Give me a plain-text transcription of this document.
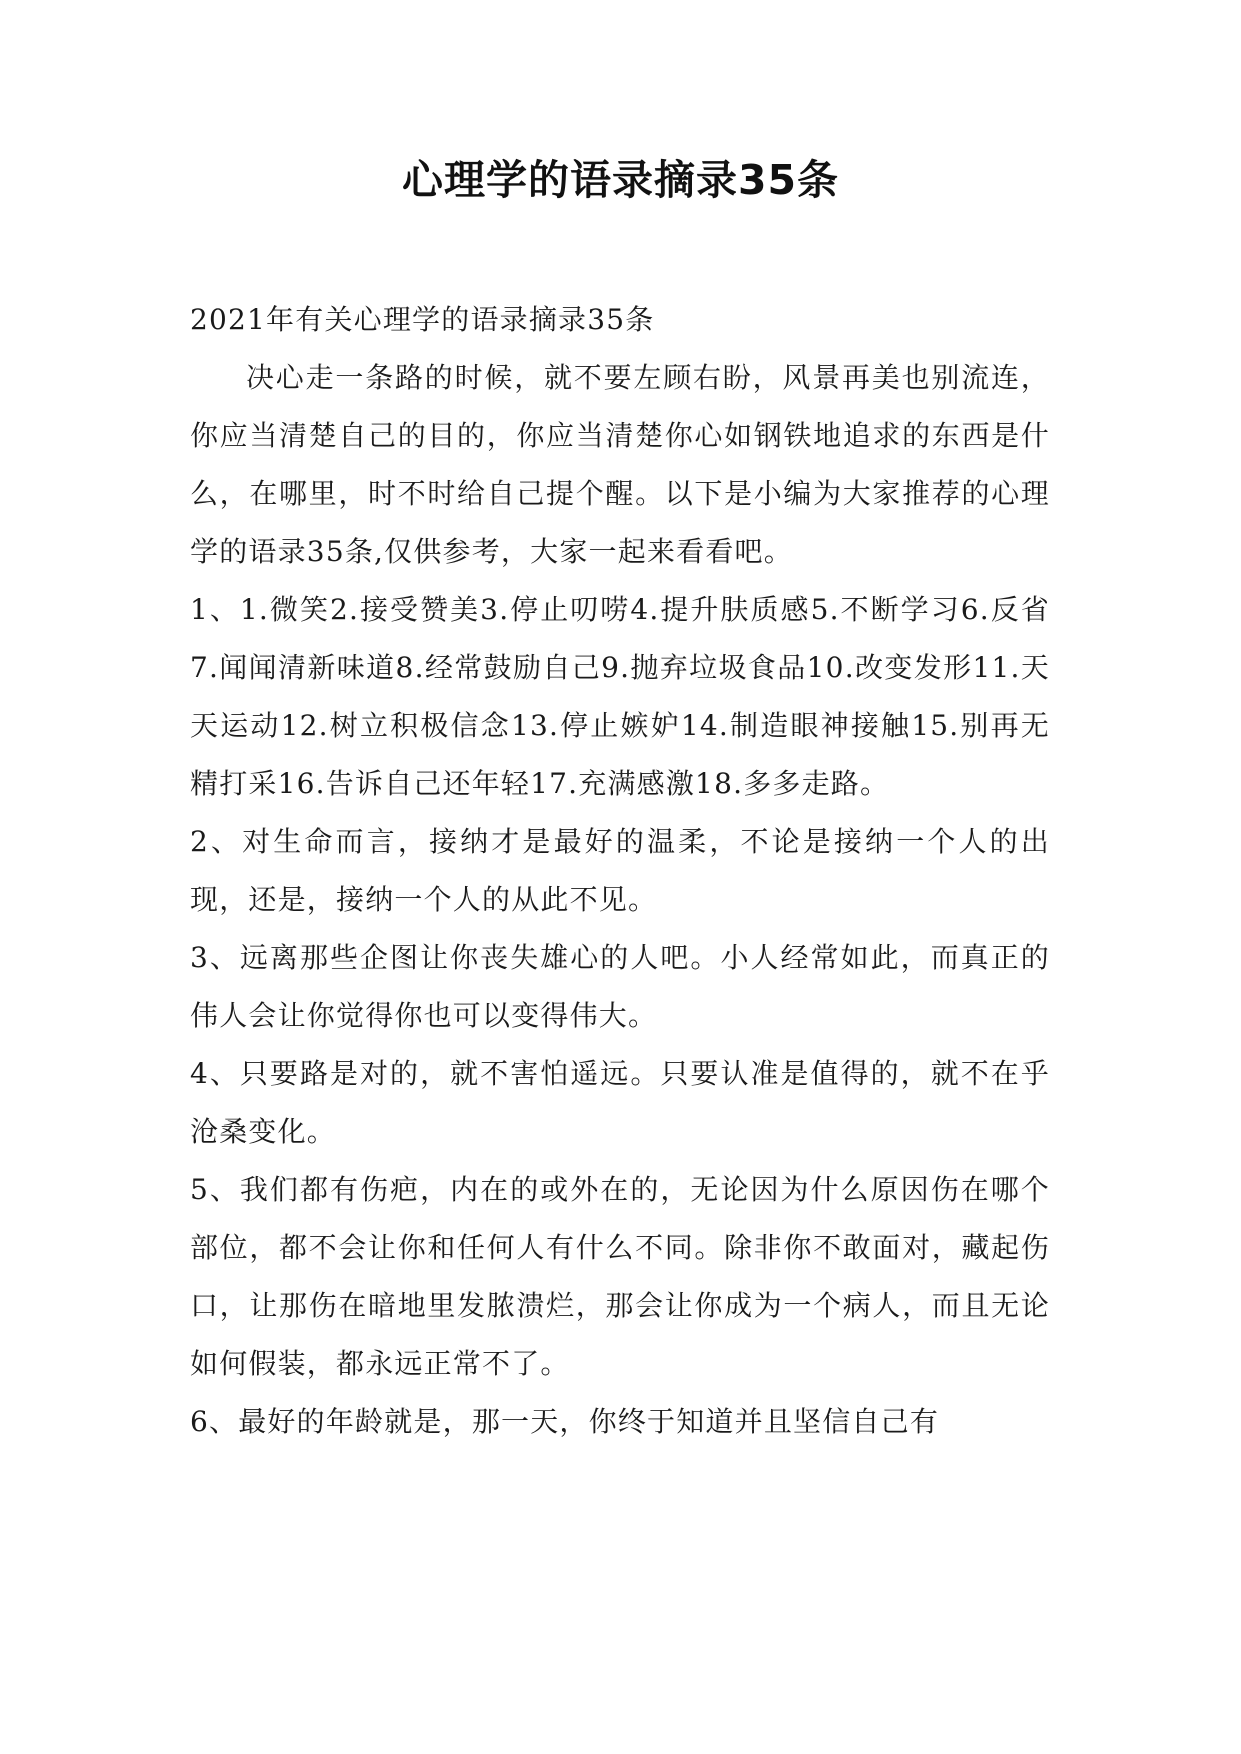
心理学的语录摘录35条

2021年有关心理学的语录摘录35条

决心走一条路的时候，就不要左顾右盼，风景再美也别流连，你应当清楚自己的目的，你应当清楚你心如钢铁地追求的东西是什么，在哪里，时不时给自己提个醒。以下是小编为大家推荐的心理学的语录35条,仅供参考，大家一起来看看吧。

1、1.微笑2.接受赞美3.停止叨唠4.提升肤质感5.不断学习6.反省7.闻闻清新味道8.经常鼓励自己9.抛弃垃圾食品10.改变发形11.天天运动12.树立积极信念13.停止嫉妒14.制造眼神接触15.别再无精打采16.告诉自己还年轻17.充满感激18.多多走路。

2、对生命而言，接纳才是最好的温柔，不论是接纳一个人的出现，还是，接纳一个人的从此不见。

3、远离那些企图让你丧失雄心的人吧。小人经常如此，而真正的伟人会让你觉得你也可以变得伟大。

4、只要路是对的，就不害怕遥远。只要认准是值得的，就不在乎沧桑变化。

5、我们都有伤疤，内在的或外在的，无论因为什么原因伤在哪个部位，都不会让你和任何人有什么不同。除非你不敢面对，藏起伤口，让那伤在暗地里发脓溃烂，那会让你成为一个病人，而且无论如何假装，都永远正常不了。

6、最好的年龄就是，那一天，你终于知道并且坚信自己有
